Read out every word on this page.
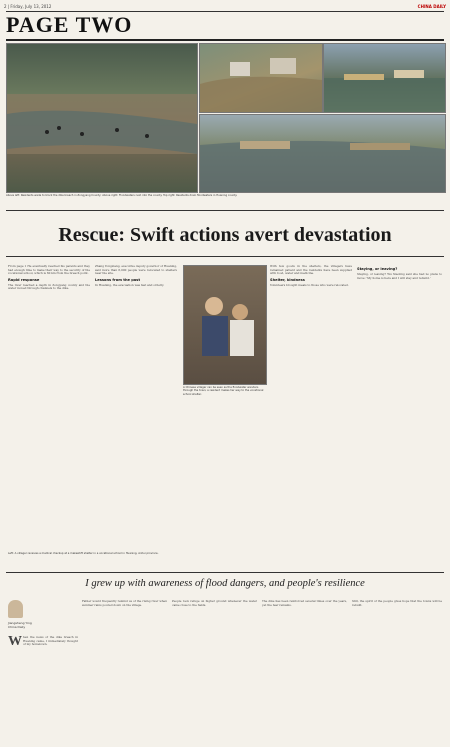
2 | Friday, July 13, 2012	CHINA DAILY
PAGE TWO
Above left: Residents wade to block the dike breach in Zongyang County; Above right: Floodwaters rush into the county. Top right: Residents drain floodwaters in Huaning county.
Rescue: Swift actions avert devastation

From page 1 He eventually reached his parents and they had enough time to make their way to the security of the vocational school, which is 60 km from the breach point.

Rapid response

The river reached a depth in Zongyang county and the water moved through channels to the dike.

Zhang Yongxiang, executive deputy governor of Huaning, said more than 6,000 people were relocated to shelters near the site.

Lessons from the past

In Huaning, the evacuation was fast and orderly.

A Chinese villager can be seen as the floodwater wanders through the town; a resident makes her way to the vocational school shelter.

With few goods in the shelters, the villagers have remained patient and the residents have been supplied with food, water and medicine.

Shelter, kindness

Volunteers brought meals to those who were relocated.

Staying, or leaving?

Staying, or leaving? Wu Xiaoling said she had no plans to move: 'My home is here and I will stay and rebuild.'

Left: A villager receives a medical checkup at a makeshift shelter in a vocational school in Huaning, Anhui province.
I grew up with awareness of flood dangers, and people's resilience
Jiangsheng Ying
China Daily

When the news of the dike breach in Huaning came, I immediately thought of my hometown.

Father would frequently remind us of the rising river when summer rains poured down on the village.

People took refuge on higher ground whenever the water came close to the fields.

The dike has been reinforced several times over the years, yet the fear remains.

Still, the spirit of the people gives hope that the towns will be rebuilt.
